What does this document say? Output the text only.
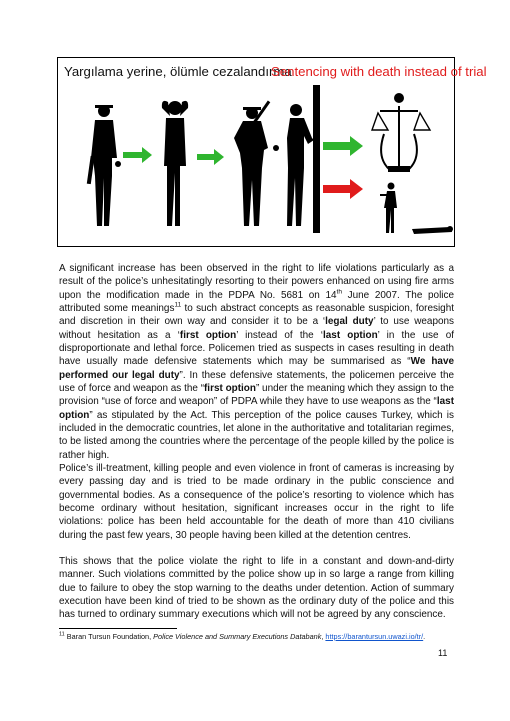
Yargılama yerine, ölümle cezalandırma
Sentencing with death instead of trial

A significant increase has been observed in the right to life violations particularly as a result of the police’s unhesitatingly resorting to their powers enhanced on using fire arms upon the modification made in the PDPA No. 5681 on 14th June 2007. The police attributed some meanings$^{11}$ to such abstract concepts as reasonable suspicion, foresight and discretion in their own way and consider it to be a ‘legal duty’ to use weapons without hesitation as a ‘first option’ instead of the ‘last option’ in the use of disproportionate and lethal force. Policemen tried as suspects in cases resulting in death have usually made defensive statements which may be summarised as “We have performed our legal duty”. In these defensive statements, the policemen perceive the use of force and weapon as the “first option” under the meaning which they assign to the provision “use of force and weapon” of PDPA while they have to use weapons as the “last option” as stipulated by the Act. This perception of the police causes Turkey, which is included in the democratic countries, let alone in the authoritative and totalitarian regimes, to be listed among the countries where the percentage of the people killed by the police is rather high.

Police’s ill-treatment, killing people and even violence in front of cameras is increasing by every passing day and is tried to be made ordinary in the public conscience and governmental bodies. As a consequence of the police’s resorting to violence which has become ordinary without hesitation, significant increases occur in the right to life violations: police has been held accountable for the death of more than 410 civilians during the past few years, 30 people having been killed at the detention centres.

This shows that the police violate the right to life in a constant and down-and-dirty manner. Such violations committed by the police show up in so large a range from killing due to failure to obey the stop warning to the deaths under detention. Action of summary execution have been kind of tried to be shown as the ordinary duty of the police and this has turned to ordinary summary executions which will not be agreed by any conscience.

$^{11}$ Baran Tursun Foundation, Police Violence and Summary Executions Databank, https://barantursun.uwazi.io/tr/.
11
